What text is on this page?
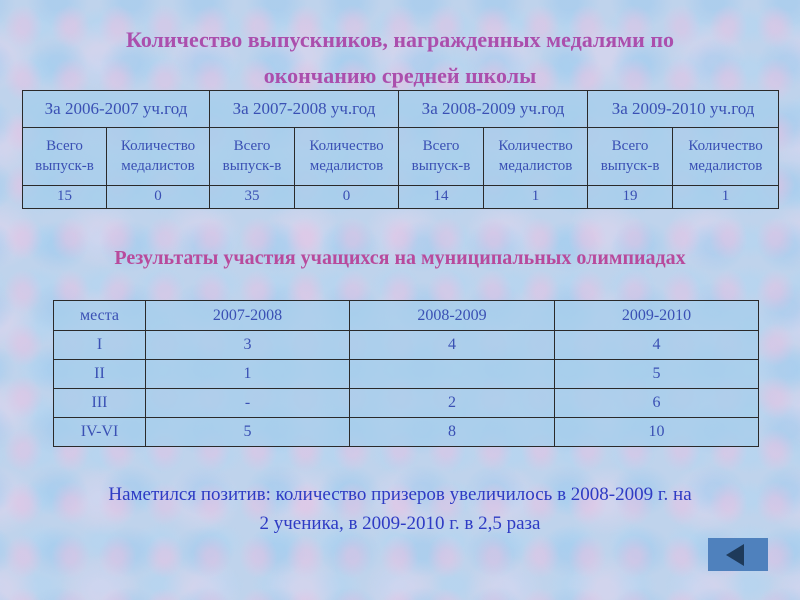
Количество выпускников, награжденных медалями по
окончанию средней школы
За 2006-2007 уч.год		За 2007-2008 уч.год		За 2008-2009 уч.год		За 2009-2010 уч.год	
Всего выпуск-в	Количество медалистов	Всего выпуск-в	Количество медалистов	Всего выпуск-в	Количество медалистов	Всего выпуск-в	Количество медалистов
15	0	35	0	14	1	19	1
Результаты участия учащихся на муниципальных олимпиадах
места	2007-2008	2008-2009	2009-2010
I	3	4	4
II	1		5
III	-	2	6
IV-VI	5	8	10
Наметился позитив: количество призеров увеличилось в 2008-2009 г. на
2 ученика, в 2009-2010 г. в 2,5 раза
